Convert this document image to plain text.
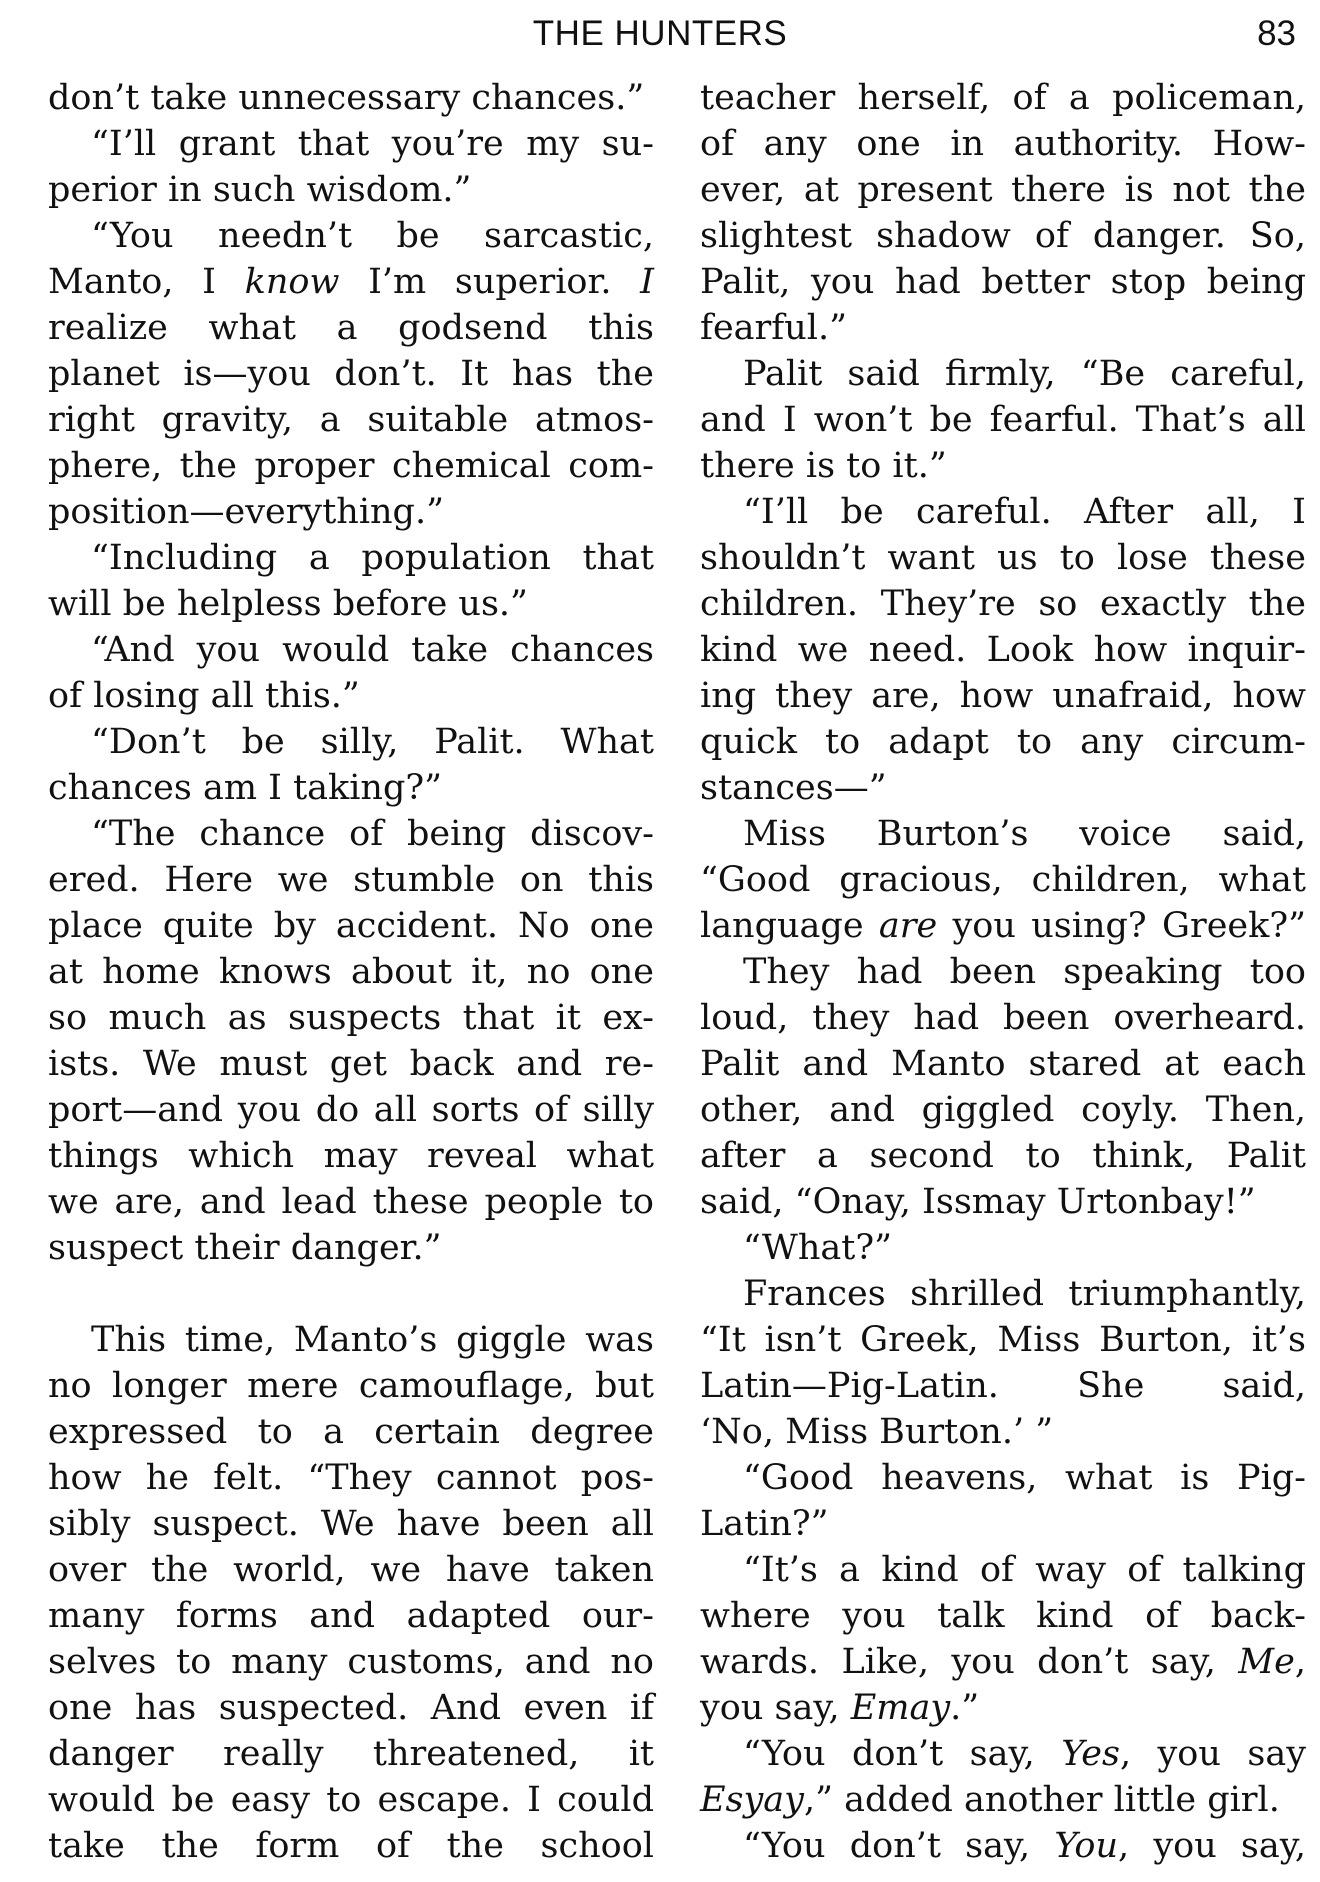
THE HUNTERS	83
don’t take unnecessary chances.”
“I’ll grant that you’re my su-
perior in such wisdom.”
“You needn’t be sarcastic,
Manto, I know I’m superior. I
realize what a godsend this
planet is—you don’t. It has the
right gravity, a suitable atmos-
phere, the proper chemical com-
position—everything.”
“Including a population that
will be helpless before us.”
“And you would take chances
of losing all this.”
“Don’t be silly, Palit. What
chances am I taking?”
“The chance of being discov-
ered. Here we stumble on this
place quite by accident. No one
at home knows about it, no one
so much as suspects that it ex-
ists. We must get back and re-
port—and you do all sorts of silly
things which may reveal what
we are, and lead these people to
suspect their danger.”
This time, Manto’s giggle was
no longer mere camouflage, but
expressed to a certain degree
how he felt. “They cannot pos-
sibly suspect. We have been all
over the world, we have taken
many forms and adapted our-
selves to many customs, and no
one has suspected. And even if
danger really threatened, it
would be easy to escape. I could
take the form of the school
teacher herself, of a policeman,
of any one in authority. How-
ever, at present there is not the
slightest shadow of danger. So,
Palit, you had better stop being
fearful.”
Palit said firmly, “Be careful,
and I won’t be fearful. That’s all
there is to it.”
“I’ll be careful. After all, I
shouldn’t want us to lose these
children. They’re so exactly the
kind we need. Look how inquir-
ing they are, how unafraid, how
quick to adapt to any circum-
stances—”
Miss Burton’s voice said,
“Good gracious, children, what
language are you using? Greek?”
They had been speaking too
loud, they had been overheard.
Palit and Manto stared at each
other, and giggled coyly. Then,
after a second to think, Palit
said, “Onay, Issmay Urtonbay!”
“What?”
Frances shrilled triumphantly,
“It isn’t Greek, Miss Burton, it’s
Latin—Pig-Latin. She said,
‘No, Miss Burton.’ ”
“Good heavens, what is Pig-
Latin?”
“It’s a kind of way of talking
where you talk kind of back-
wards. Like, you don’t say, Me,
you say, Emay.”
“You don’t say, Yes, you say
Esyay,” added another little girl.
“You don’t say, You, you say,
